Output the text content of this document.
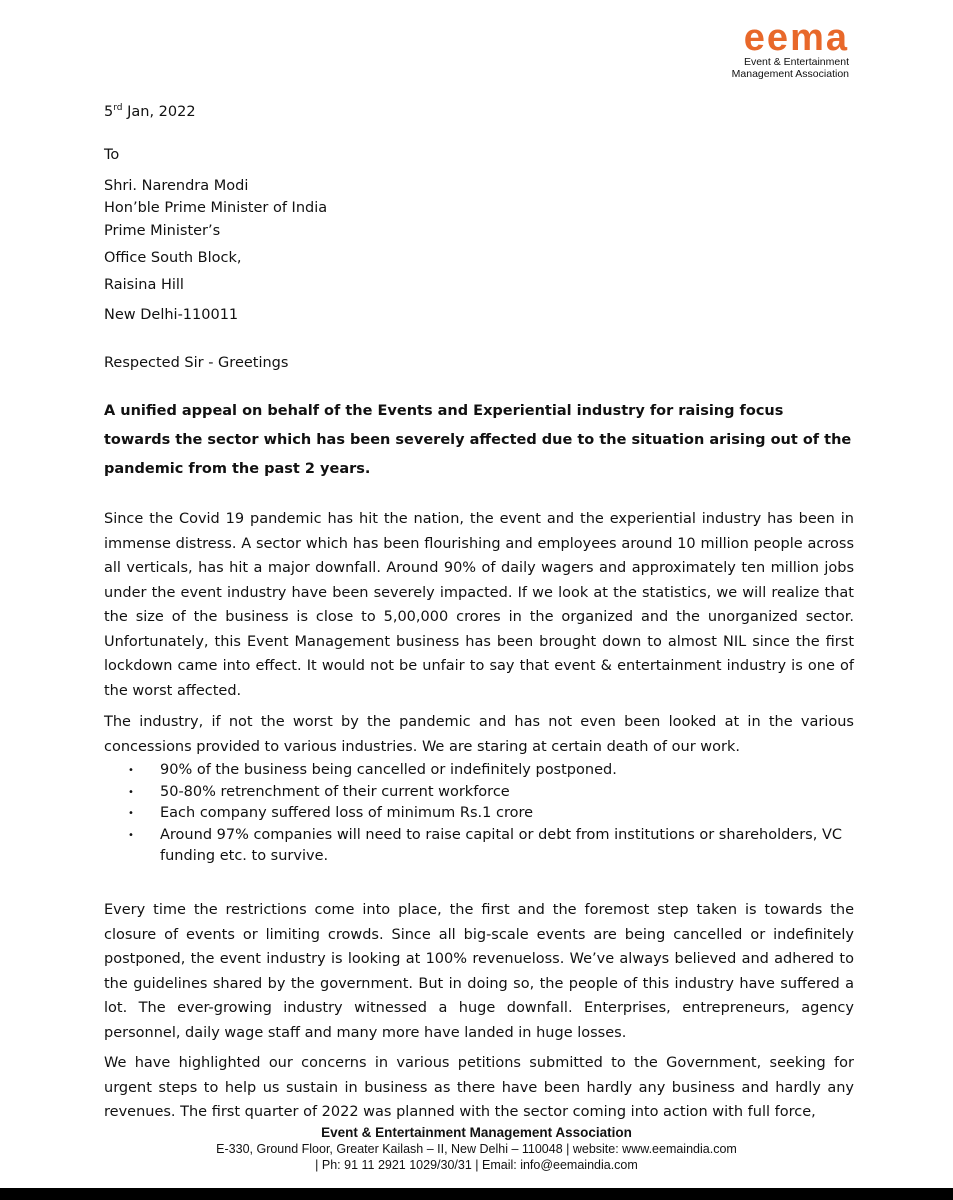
eema
Event & Entertainment
Management Association
5rd Jan, 2022
To
Shri. Narendra Modi
Hon’ble Prime Minister of India
Prime Minister’s
Office South Block,
Raisina Hill
New Delhi-110011
Respected Sir - Greetings
A unified appeal on behalf of the Events and Experiential industry for raising focus towards the sector which has been severely affected due to the situation arising out of the pandemic from the past 2 years.
Since the Covid 19 pandemic has hit the nation, the event and the experiential industry has been in immense distress. A sector which has been flourishing and employees around 10 million people across all verticals, has hit a major downfall. Around 90% of daily wagers and approximately ten million jobs under the event industry have been severely impacted. If we look at the statistics, we will realize that the size of the business is close to 5,00,000 crores in the organized and the unorganized sector. Unfortunately, this Event Management business has been brought down to almost NIL since the first lockdown came into effect. It would not be unfair to say that event & entertainment industry is one of the worst affected.
The industry, if not the worst by the pandemic and has not even been looked at in the various concessions provided to various industries. We are staring at certain death of our work.
• 90% of the business being cancelled or indefinitely postponed.
• 50-80% retrenchment of their current workforce
• Each company suffered loss of minimum Rs.1 crore
• Around 97% companies will need to raise capital or debt from institutions or shareholders, VC funding etc. to survive.
Every time the restrictions come into place, the first and the foremost step taken is towards the closure of events or limiting crowds. Since all big-scale events are being cancelled or indefinitely postponed, the event industry is looking at 100% revenueloss. We’ve always believed and adhered to the guidelines shared by the government. But in doing so, the people of this industry have suffered a lot. The ever-growing industry witnessed a huge downfall. Enterprises, entrepreneurs, agency personnel, daily wage staff and many more have landed in huge losses.
We have highlighted our concerns in various petitions submitted to the Government, seeking for urgent steps to help us sustain in business as there have been hardly any business and hardly any revenues. The first quarter of 2022 was planned with the sector coming into action with full force,
Event & Entertainment Management Association
E-330, Ground Floor, Greater Kailash – II, New Delhi – 110048 | website: www.eemaindia.com
| Ph: 91 11 2921 1029/30/31 | Email: info@eemaindia.com
